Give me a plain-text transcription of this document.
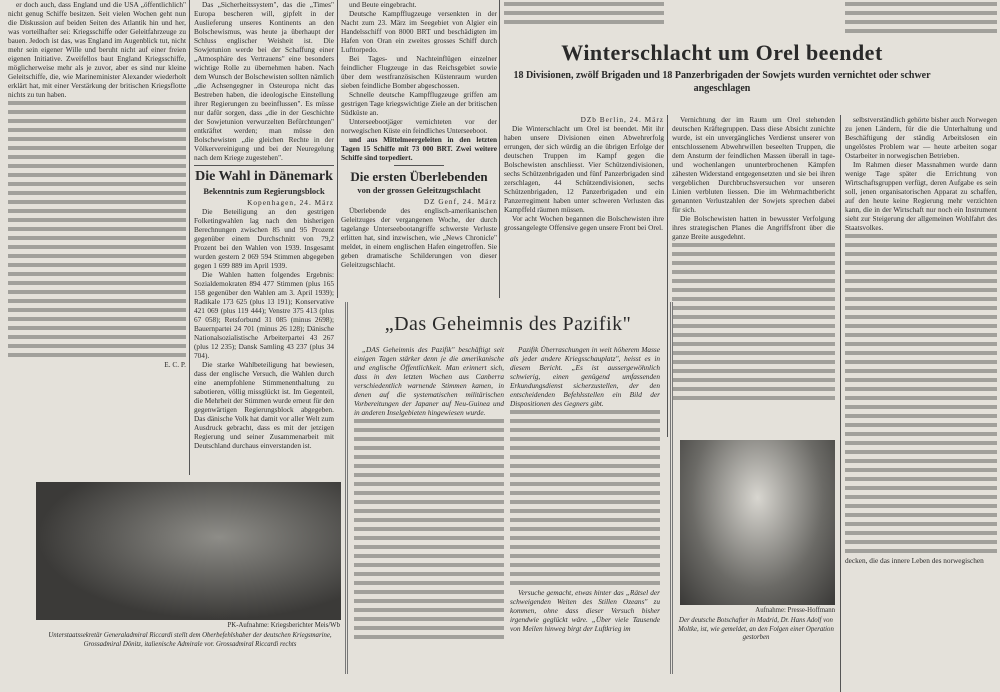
er doch auch, dass England und die USA „öffentlichlich" nicht genug Schiffe besitzen. Seit vielen Wochen geht nun die Diskussion auf beiden Seiten des Atlantik hin und her, was vorteilhafter sei: Kriegsschiffe oder Geleitfahrzeuge zu bauen. Jedoch ist das, was England im Augenblick tut, nicht mehr sein eigener Wille und beruht nicht auf einer freien eigenen Initiative. Zweifellos baut England Kriegsschiffe, möglicherweise mehr als je zuvor, aber es sind nur kleine Geleitschiffe, die, wie Marineminister Alexander wiederholt erklärt hat, mit einer Verstärkung der britischen Kriegsflotte nichts zu tun haben.

E. C. P.

Das „Sicherheitssystem", das die „Times" Europa bescheren will, gipfelt in der Auslieferung unseres Kontinents an den Bolschewismus, was heute ja überhaupt der Schluss englischer Weisheit ist. Die Sowjetunion werde bei der Schaffung einer „Atmosphäre des Vertrauens" eine besonders wichtige Rolle zu übernehmen haben. Nach dem Wunsch der Bolschewisten sollten nämlich „die Achsengegner in Osteuropa nicht das Bestreben haben, die ideologische Einstellung ihrer Regierungen zu beeinflussen". Es müsse nur dafür sorgen, dass „die in der Geschichte der Sowjetunion verwurzelten Befürchtungen" entkräftet werden; man müsse den Bolschewisten „die gleichen Rechte in der Völkervereinigung und bei der Neuregelung nach dem Kriege zugestehen".

Die Wahl in Dänemark
Bekenntnis zum Regierungsblock
Kopenhagen, 24. März

Die Beteiligung an den gestrigen Folketingwahlen lag nach den bisherigen Berechnungen zwischen 85 und 95 Prozent gegenüber einem Durchschnitt von 79,2 Prozent bei den Wahlen von 1939. Insgesamt wurden gestern 2 069 594 Stimmen abgegeben gegen 1 699 889 im April 1939.

Die Wahlen hatten folgendes Ergebnis: Sozialdemokraten 894 477 Stimmen (plus 165 158 gegenüber den Wahlen am 3. April 1939); Radikale 173 625 (plus 13 191); Konservative 421 069 (plus 119 444); Venstre 375 413 (plus 67 058); Retsforbund 31 085 (minus 2698); Bauernpartei 24 701 (minus 26 128); Dänische Nationalsozialistische Arbeiterpartei 43 267 (plus 12 235); Dansk Samling 43 237 (plus 34 704).

Die starke Wahlbeteiligung hat bewiesen, dass der englische Versuch, die Wahlen durch eine anempfohlene Stimmenenthaltung zu sabotieren, völlig missglückt ist. Im Gegenteil, die Mehrheit der Stimmen wurde erneut für den gegenwärtigen Regierungsblock abgegeben. Das dänische Volk hat damit vor aller Welt zum Ausdruck gebracht, dass es mit der jetzigen Regierung und seiner Zusammenarbeit mit Deutschland durchaus einverstanden ist.

und Beute eingebracht.

Deutsche Kampfflugzeuge versenkten in der Nacht zum 23. März im Seegebiet von Algier ein Handelsschiff von 8000 BRT und beschädigten im Hafen von Oran ein zweites grosses Schiff durch Lufttorpedo.

Bei Tages- und Nachteinflügen einzelner feindlicher Flugzeuge in das Reichsgebiet sowie über dem westfranzösischen Küstenraum wurden sieben feindliche Bomber abgeschossen.

Schnelle deutsche Kampfflugzeuge griffen am gestrigen Tage kriegswichtige Ziele an der britischen Südküste an.

Unterseebootjäger vernichteten vor der norwegischen Küste ein feindliches Unterseeboot.

und aus Mittelmeergeleiten in den letzten Tagen 15 Schiffe mit 73 000 BRT. Zwei weitere Schiffe sind torpediert.

Die ersten Überlebenden
von der grossen Geleitzugschlacht
DZ Genf, 24. März

Überlebende des englisch-amerikanischen Geleitzuges der vergangenen Woche, der durch tagelange Unterseebootangriffe schwerste Verluste erlitten hat, sind inzwischen, wie „News Chronicle" meldet, in einem englischen Hafen eingetroffen. Sie geben dramatische Schilderungen von dieser Geleitzugschlacht.

Winterschlacht um Orel beendet
18 Divisionen, zwölf Brigaden und 18 Panzerbrigaden der Sowjets wurden vernichtet oder schwer angeschlagen
DZb Berlin, 24. März

Die Winterschlacht um Orel ist beendet. Mit ihr haben unsere Divisionen einen Abwehrerfolg errungen, der sich würdig an die übrigen Erfolge der deutschen Truppen im Kampf gegen die Bolschewisten anschliesst. Vier Schützendivisionen, sechs Schützenbrigaden und fünf Panzerbrigaden sind zerschlagen, 44 Schützendivisionen, sechs Schützenbrigaden, 12 Panzerbrigaden und ein Panzerregiment haben unter schweren Verlusten das Kampffeld räumen müssen.

Vor acht Wochen begannen die Bolschewisten ihre grossangelegte Offensive gegen unsere Front bei Orel.

Vernichtung der im Raum um Orel stehenden deutschen Kräftegruppen. Dass diese Absicht zunichte wurde, ist ein unvergängliches Verdienst unserer von entschlossenem Abwehrwillen beseelten Truppen, die dem Ansturm der feindlichen Massen überall in tage- und wochenlangen ununterbrochenen Kämpfen zähesten Widerstand entgegensetzten und sie bei ihren vergeblichen Durchbruchsversuchen vor unseren Linien verbluten liessen. Die im Wehrmachtbericht genannten Verlustzahlen der Sowjets sprechen dabei für sich.

Die Bolschewisten hatten in bewusster Verfolgung ihres strategischen Planes die Angriffsfront über die ganze Breite ausgedehnt.

selbstverständlich gehörte bisher auch Norwegen zu jenen Ländern, für die die Unterhaltung und Beschäftigung der ständig Arbeitslosen ein ungelöstes Problem war — heute arbeiten sogar Ostarbeiter in norwegischen Betrieben.

Im Rahmen dieser Massnahmen wurde dann wenige Tage später die Errichtung von Wirtschaftsgruppen verfügt, deren Aufgabe es sein soll, jenen organisatorischen Apparat zu schaffen, auf den heute keine Regierung mehr verzichten kann, die in der Wirtschaft nur noch ein Instrument sieht zur Steigerung der allgemeinen Wohlfahrt des Staatsvolkes.

decken, die das innere Leben des norwegischen
„Das Geheimnis des Pazifik"

„DAS Geheimnis des Pazifik" beschäftigt seit einigen Tagen stärker denn je die amerikanische und englische Öffentlichkeit. Man erinnert sich, dass in den letzten Wochen aus Canberra verschiedentlich warnende Stimmen kamen, in denen auf die systematischen militärischen Vorbereitungen der Japaner auf Neu-Guinea und in anderen Inselgebieten hingewiesen wurde.

Pazifik Überraschungen in weit höherem Masse als jeder andere Kriegsschauplatz", heisst es in diesem Bericht. „Es ist aussergewöhnlich schwierig, einen genügend umfassenden Erkundungsdienst sicherzustellen, der den entscheidenden Befehlsstellen ein Bild der Dispositionen des Gegners gibt.

Versuche gemacht, etwas hinter das „Rätsel der schweigenden Weiten des Stillen Ozeans" zu kommen, ohne dass dieser Versuch bisher irgendwie geglückt wäre. „Über viele Tausende von Meilen hinweg birgt der Luftkrieg im

PK-Aufnahme: Kriegsberichter Meis/Wb
Unterstaatssekretär Generaladmiral Riccardi stellt dem Oberbefehlshaber der deutschen Kriegsmarine, Grossadmiral Dönitz, italienische Admirale vor. Grossadmiral Riccardi rechts
Aufnahme: Presse-Hoffmann
Der deutsche Botschafter in Madrid, Dr. Hans Adolf von Moltke, ist, wie gemeldet, an den Folgen einer Operation gestorben
